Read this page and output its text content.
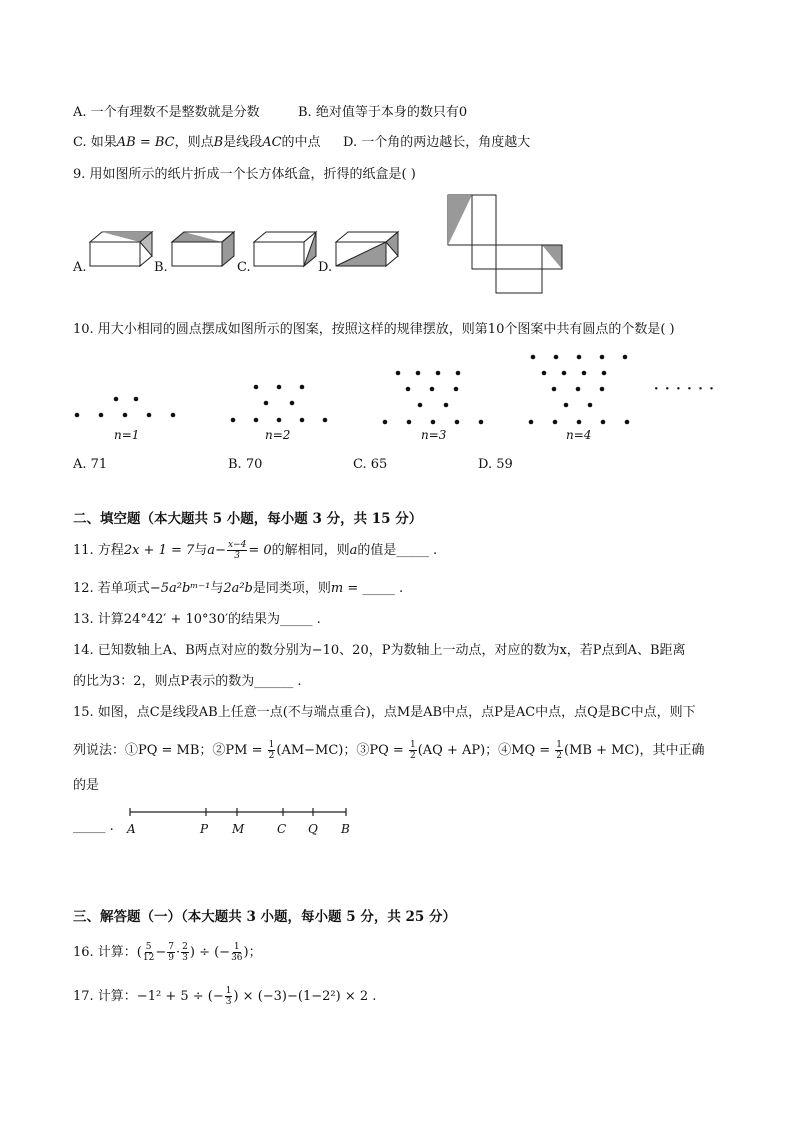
A. 一个有理数不是整数就是分数	B. 绝对值等于本身的数只有0
C. 如果AB = BC，则点B是线段AC的中点 D. 一个角的两边越长，角度越大
9. 用如图所示的纸片折成一个长方体纸盒，折得的纸盒是( )
A.	B.	C.	D.
10. 用大小相同的圆点摆成如图所示的图案，按照这样的规律摆放，则第10个图案中共有圆点的个数是( )
n=1	n=2	n=3	n=4
· · · · · ·
A. 71	B. 70	C. 65	D. 59
二、填空题（本大题共 5 小题，每小题 3 分，共 15 分）
11. 方程2x + 1 = 7与$a- \frac{x-4}{3} = 0$的解相同，则a的值是_____ .
12. 若单项式−5a²bᵐ⁻¹与2a²b是同类项，则m = _____ .
13. 计算24°42′ + 10°30′的结果为_____ .
14. 已知数轴上A、B两点对应的数分别为−10、20，P为数轴上一动点，对应的数为x，若P点到A、B距离
的比为3：2，则点P表示的数为______ .
15. 如图，点C是线段AB上任意一点(不与端点重合)，点M是AB中点，点P是AC中点，点Q是BC中点，则下
列说法：①PQ = MB；②PM = $\frac{1}{2} (AM-MC)$；③PQ = $\frac{1}{2} (AQ + AP)$；④MQ = $\frac{1}{2} (MB + MC)$，其中正确
的是
_____ . A	P M	C Q B
三、解答题（一）（本大题共 3 小题，每小题 5 分，共 25 分）
16. 计算：( $\frac{5}{12} - \frac{7}{9} \cdot \frac{2}{3}$ ) ÷ (− $\frac{1}{36}$ )；
17. 计算：−1² + 5 ÷ (− $\frac{1}{3}$ ) × (−3)−(1−2²) × 2 .
